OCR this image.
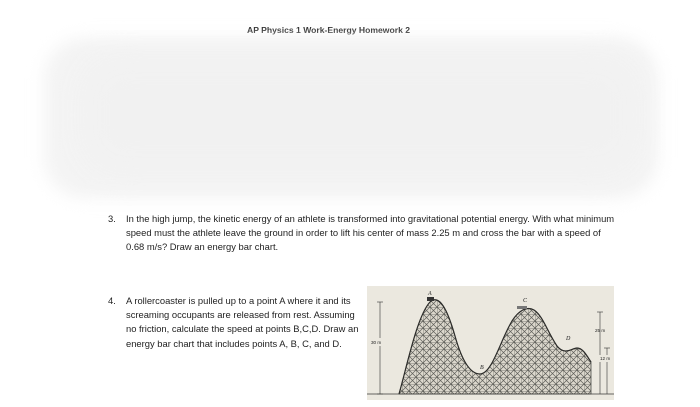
AP Physics 1 Work-Energy Homework 2
3. In the high jump, the kinetic energy of an athlete is transformed into gravitational potential energy. With what minimum speed must the athlete leave the ground in order to lift his center of mass 2.25 m and cross the bar with a speed of 0.68 m/s? Draw an energy bar chart.
4. A rollercoaster is pulled up to a point A where it and its screaming occupants are released from rest. Assuming no friction, calculate the speed at points B,C,D. Draw an energy bar chart that includes points A, B, C, and D.	30 m
25 m
12 m
A
B
C
D
